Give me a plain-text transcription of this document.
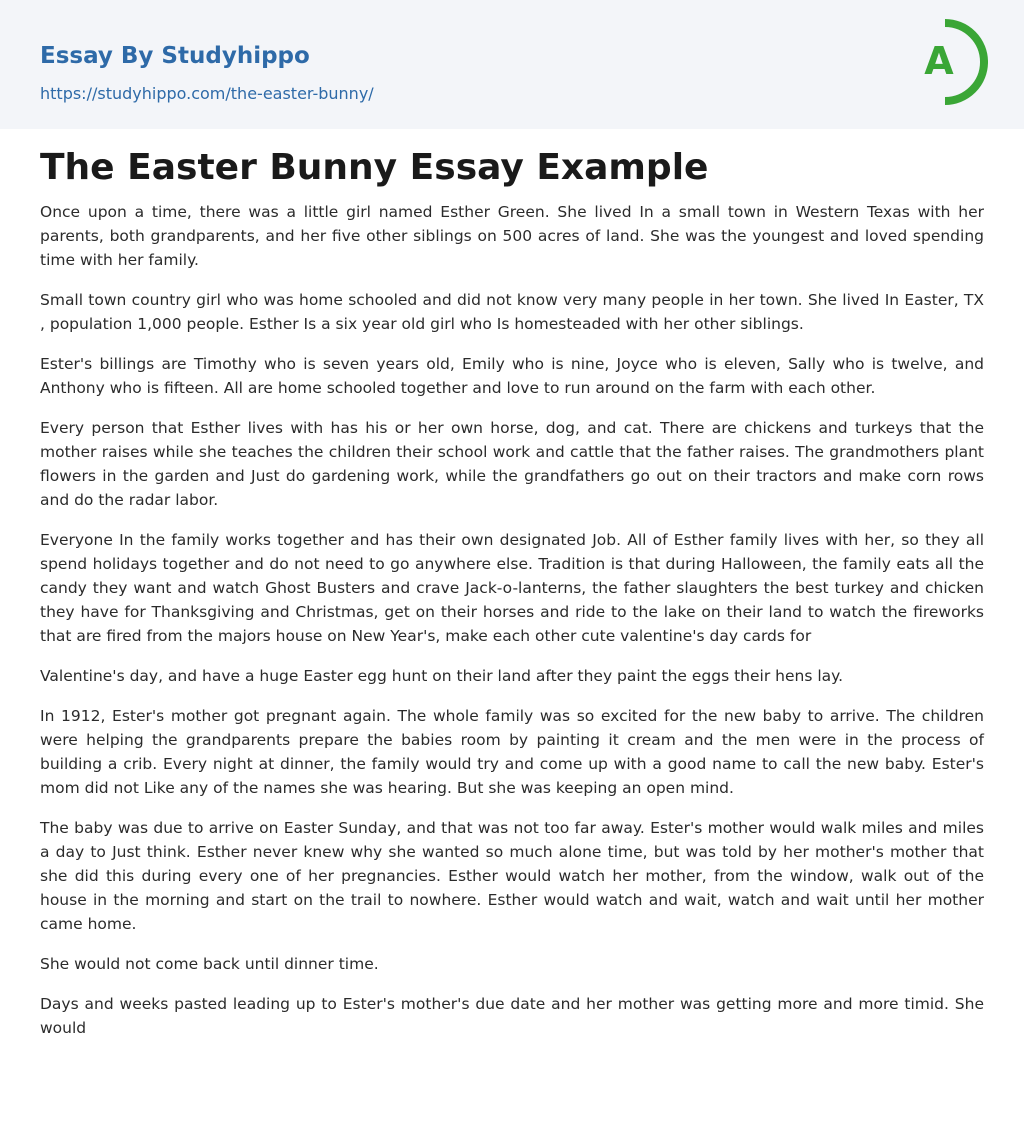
Essay By Studyhippo
https://studyhippo.com/the-easter-bunny/
A
The Easter Bunny Essay Example

Once upon a time, there was a little girl named Esther Green. She lived In a small town in Western Texas with her parents, both grandparents, and her five other siblings on 500 acres of land. She was the youngest and loved spending time with her family.

Small town country girl who was home schooled and did not know very many people in her town. She lived In Easter, TX , population 1,000 people. Esther Is a six year old girl who Is homesteaded with her other siblings.

Ester's billings are Timothy who is seven years old, Emily who is nine, Joyce who is eleven, Sally who is twelve, and Anthony who is fifteen. All are home schooled together and love to run around on the farm with each other.

Every person that Esther lives with has his or her own horse, dog, and cat. There are chickens and turkeys that the mother raises while she teaches the children their school work and cattle that the father raises. The grandmothers plant flowers in the garden and Just do gardening work, while the grandfathers go out on their tractors and make corn rows and do the radar labor.

Everyone In the family works together and has their own designated Job. All of Esther family lives with her, so they all spend holidays together and do not need to go anywhere else. Tradition is that during Halloween, the family eats all the candy they want and watch Ghost Busters and crave Jack-o-lanterns, the father slaughters the best turkey and chicken they have for Thanksgiving and Christmas, get on their horses and ride to the lake on their land to watch the fireworks that are fired from the majors house on New Year's, make each other cute valentine's day cards for

Valentine's day, and have a huge Easter egg hunt on their land after they paint the eggs their hens lay.

In 1912, Ester's mother got pregnant again. The whole family was so excited for the new baby to arrive. The children were helping the grandparents prepare the babies room by painting it cream and the men were in the process of building a crib. Every night at dinner, the family would try and come up with a good name to call the new baby. Ester's mom did not Like any of the names she was hearing. But she was keeping an open mind.

The baby was due to arrive on Easter Sunday, and that was not too far away. Ester's mother would walk miles and miles a day to Just think. Esther never knew why she wanted so much alone time, but was told by her mother's mother that she did this during every one of her pregnancies. Esther would watch her mother, from the window, walk out of the house in the morning and start on the trail to nowhere. Esther would watch and wait, watch and wait until her mother came home.

She would not come back until dinner time.

Days and weeks pasted leading up to Ester's mother's due date and her mother was getting more and more timid. She would
